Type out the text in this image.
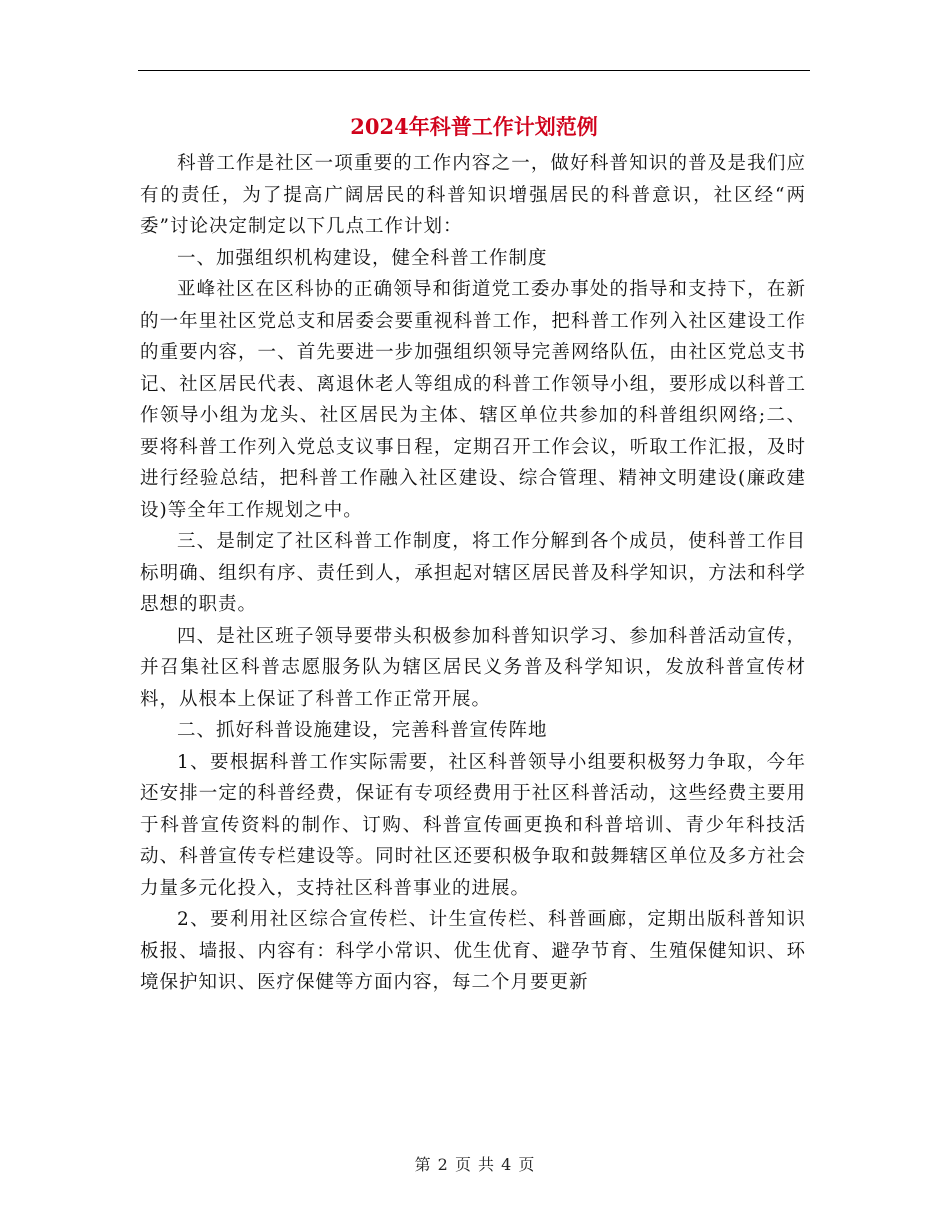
2024年科普工作计划范例

科普工作是社区一项重要的工作内容之一，做好科普知识的普及是我们应有的责任，为了提高广阔居民的科普知识增强居民的科普意识，社区经“两委”讨论决定制定以下几点工作计划：

一、加强组织机构建设，健全科普工作制度

亚峰社区在区科协的正确领导和街道党工委办事处的指导和支持下，在新的一年里社区党总支和居委会要重视科普工作，把科普工作列入社区建设工作的重要内容，一、首先要进一步加强组织领导完善网络队伍，由社区党总支书记、社区居民代表、离退休老人等组成的科普工作领导小组，要形成以科普工作领导小组为龙头、社区居民为主体、辖区单位共参加的科普组织网络;二、要将科普工作列入党总支议事日程，定期召开工作会议，听取工作汇报，及时进行经验总结，把科普工作融入社区建设、综合管理、精神文明建设(廉政建设)等全年工作规划之中。

三、是制定了社区科普工作制度，将工作分解到各个成员，使科普工作目标明确、组织有序、责任到人，承担起对辖区居民普及科学知识，方法和科学思想的职责。

四、是社区班子领导要带头积极参加科普知识学习、参加科普活动宣传，并召集社区科普志愿服务队为辖区居民义务普及科学知识，发放科普宣传材料，从根本上保证了科普工作正常开展。

二、抓好科普设施建设，完善科普宣传阵地

1、要根据科普工作实际需要，社区科普领导小组要积极努力争取，今年还安排一定的科普经费，保证有专项经费用于社区科普活动，这些经费主要用于科普宣传资料的制作、订购、科普宣传画更换和科普培训、青少年科技活动、科普宣传专栏建设等。同时社区还要积极争取和鼓舞辖区单位及多方社会力量多元化投入，支持社区科普事业的进展。

2、要利用社区综合宣传栏、计生宣传栏、科普画廊，定期出版科普知识板报、墙报、内容有：科学小常识、优生优育、避孕节育、生殖保健知识、环境保护知识、医疗保健等方面内容，每二个月要更新

第 2 页 共 4 页
